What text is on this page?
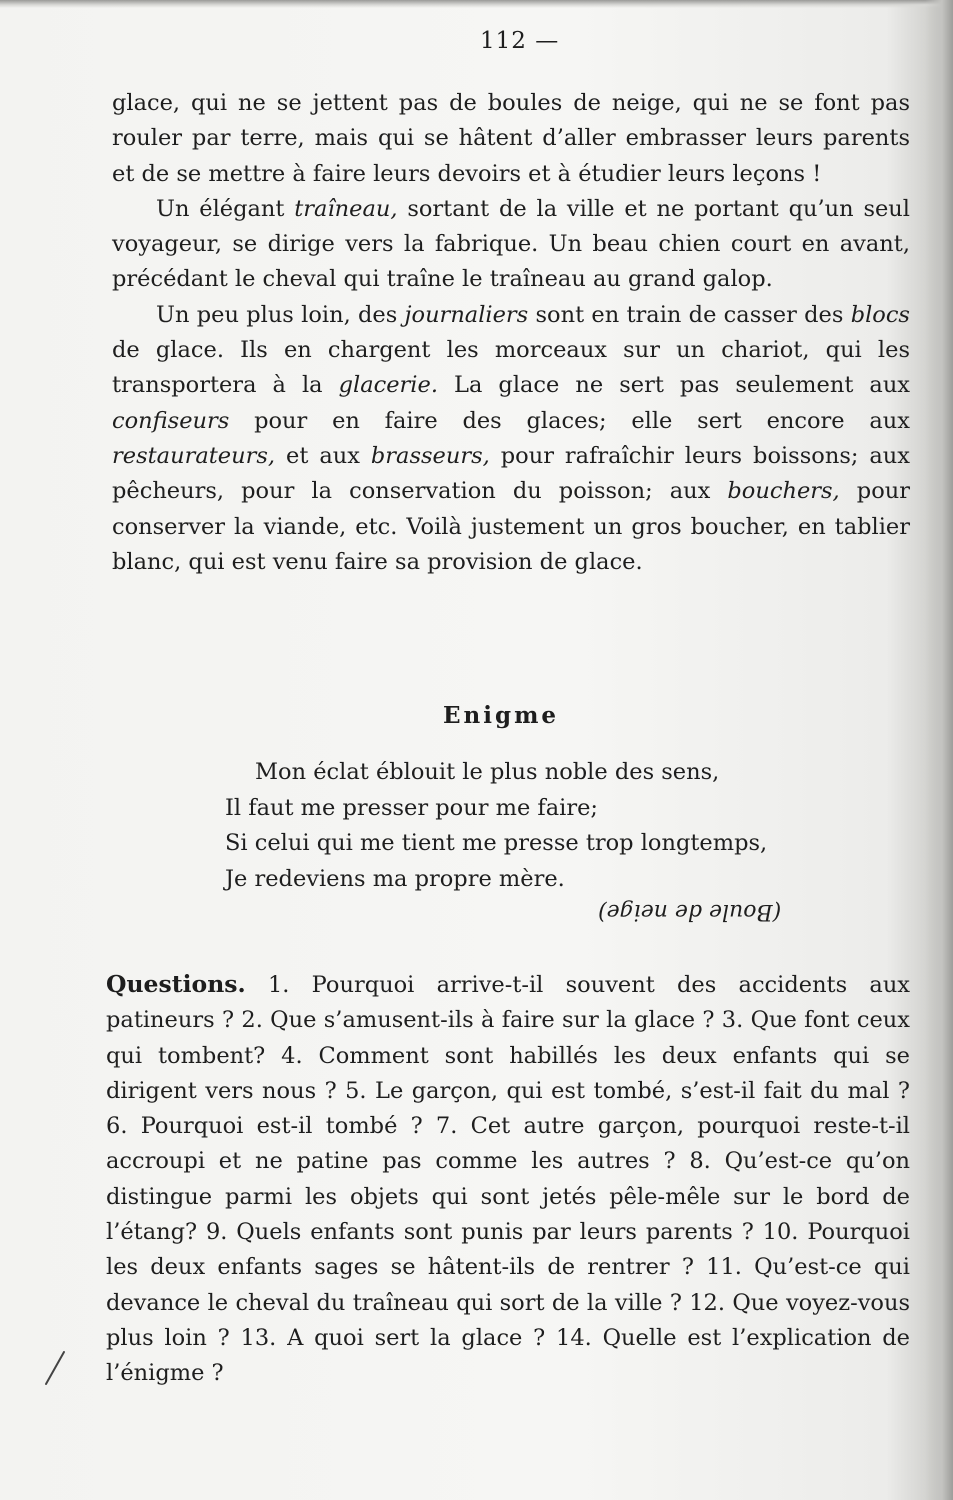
112 —

glace, qui ne se jettent pas de boules de neige, qui ne se font pas rouler par terre, mais qui se hâtent d’aller embrasser leurs parents et de se mettre à faire leurs devoirs et à étudier leurs leçons !

Un élégant traîneau, sortant de la ville et ne portant qu’un seul voyageur, se dirige vers la fabrique. Un beau chien court en avant, précédant le cheval qui traîne le traîneau au grand galop.

Un peu plus loin, des journaliers sont en train de casser des blocs de glace. Ils en chargent les morceaux sur un chariot, qui les transportera à la glacerie. La glace ne sert pas seulement aux confiseurs pour en faire des glaces; elle sert encore aux restaurateurs, et aux brasseurs, pour rafraîchir leurs boissons; aux pêcheurs, pour la conservation du poisson; aux bouchers, pour conserver la viande, etc. Voilà justement un gros boucher, en tablier blanc, qui est venu faire sa provision de glace.

Enigme
Mon éclat éblouit le plus noble des sens,
Il faut me presser pour me faire;
Si celui qui me tient me presse trop longtemps,
Je redeviens ma propre mère.
(Boule de neige)

Questions. 1. Pourquoi arrive-t-il souvent des accidents aux patineurs ? 2. Que s’amusent-ils à faire sur la glace ? 3. Que font ceux qui tombent? 4. Comment sont habillés les deux enfants qui se dirigent vers nous ? 5. Le garçon, qui est tombé, s’est-il fait du mal ? 6. Pourquoi est-il tombé ? 7. Cet autre garçon, pourquoi reste-t-il accroupi et ne patine pas comme les autres ? 8. Qu’est-ce qu’on distingue parmi les objets qui sont jetés pêle-mêle sur le bord de l’étang? 9. Quels enfants sont punis par leurs parents ? 10. Pourquoi les deux enfants sages se hâtent-ils de rentrer ? 11. Qu’est-ce qui devance le cheval du traîneau qui sort de la ville ? 12. Que voyez-vous plus loin ? 13. A quoi sert la glace ? 14. Quelle est l’explication de l’énigme ?
